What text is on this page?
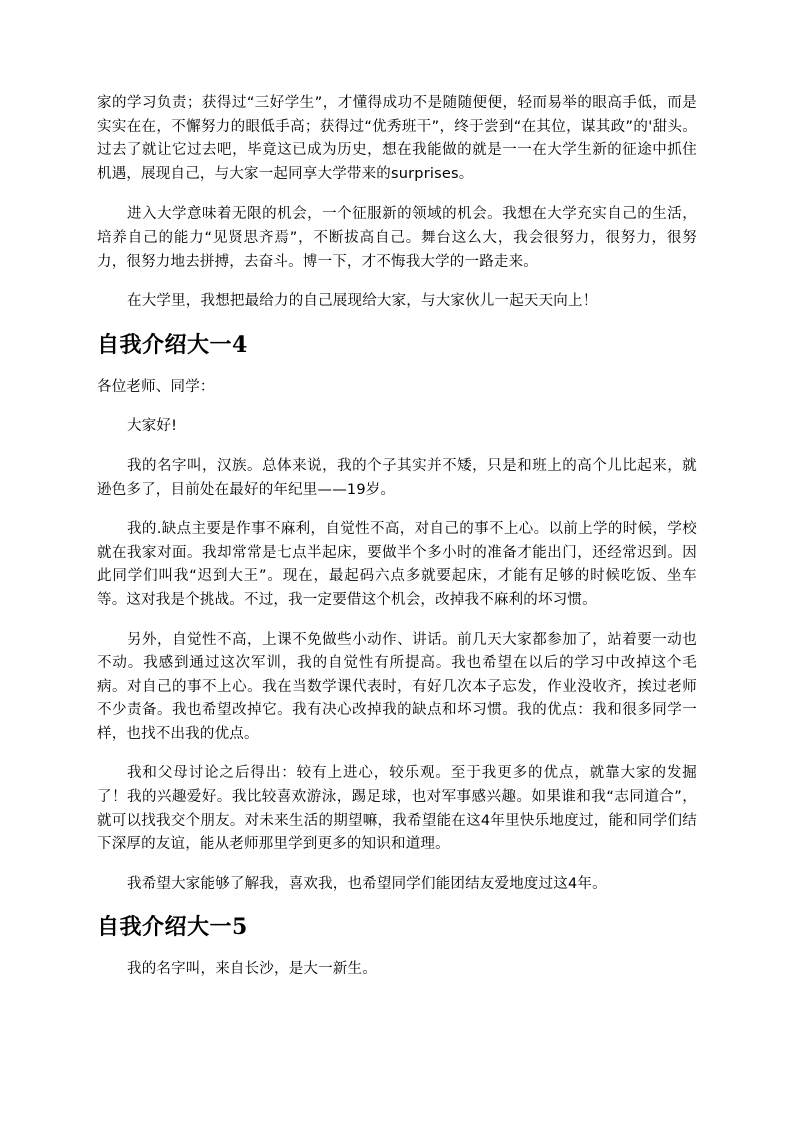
家的学习负责；获得过“三好学生”，才懂得成功不是随随便便，轻而易举的眼高手低，而是实实在在，不懈努力的眼低手高；获得过“优秀班干”，终于尝到“在其位，谋其政”的'甜头。过去了就让它过去吧，毕竟这已成为历史，想在我能做的就是一一在大学生新的征途中抓住机遇，展现自己，与大家一起同享大学带来的surprises。

进入大学意味着无限的机会，一个征服新的领域的机会。我想在大学充实自己的生活，培养自己的能力“见贤思齐焉”，不断拔高自己。舞台这么大，我会很努力，很努力，很努力，很努力地去拼搏，去奋斗。博一下，才不悔我大学的一路走来。

在大学里，我想把最给力的自己展现给大家，与大家伙儿一起天天向上！

自我介绍大一4

各位老师、同学：

大家好!

我的名字叫，汉族。总体来说，我的个子其实并不矮，只是和班上的高个儿比起来，就逊色多了，目前处在最好的年纪里——19岁。

我的.缺点主要是作事不麻利，自觉性不高，对自己的事不上心。以前上学的时候，学校就在我家对面。我却常常是七点半起床，要做半个多小时的准备才能出门，还经常迟到。因此同学们叫我“迟到大王”。现在，最起码六点多就要起床，才能有足够的时候吃饭、坐车等。这对我是个挑战。不过，我一定要借这个机会，改掉我不麻利的坏习惯。

另外，自觉性不高，上课不免做些小动作、讲话。前几天大家都参加了，站着要一动也不动。我感到通过这次军训，我的自觉性有所提高。我也希望在以后的学习中改掉这个毛病。对自己的事不上心。我在当数学课代表时，有好几次本子忘发，作业没收齐，挨过老师不少责备。我也希望改掉它。我有决心改掉我的缺点和坏习惯。我的优点：我和很多同学一样，也找不出我的优点。

我和父母讨论之后得出：较有上进心，较乐观。至于我更多的优点，就靠大家的发掘了！我的兴趣爱好。我比较喜欢游泳，踢足球，也对军事感兴趣。如果谁和我“志同道合”，就可以找我交个朋友。对未来生活的期望嘛，我希望能在这4年里快乐地度过，能和同学们结下深厚的友谊，能从老师那里学到更多的知识和道理。

我希望大家能够了解我，喜欢我，也希望同学们能团结友爱地度过这4年。

自我介绍大一5

我的名字叫，来自长沙，是大一新生。
